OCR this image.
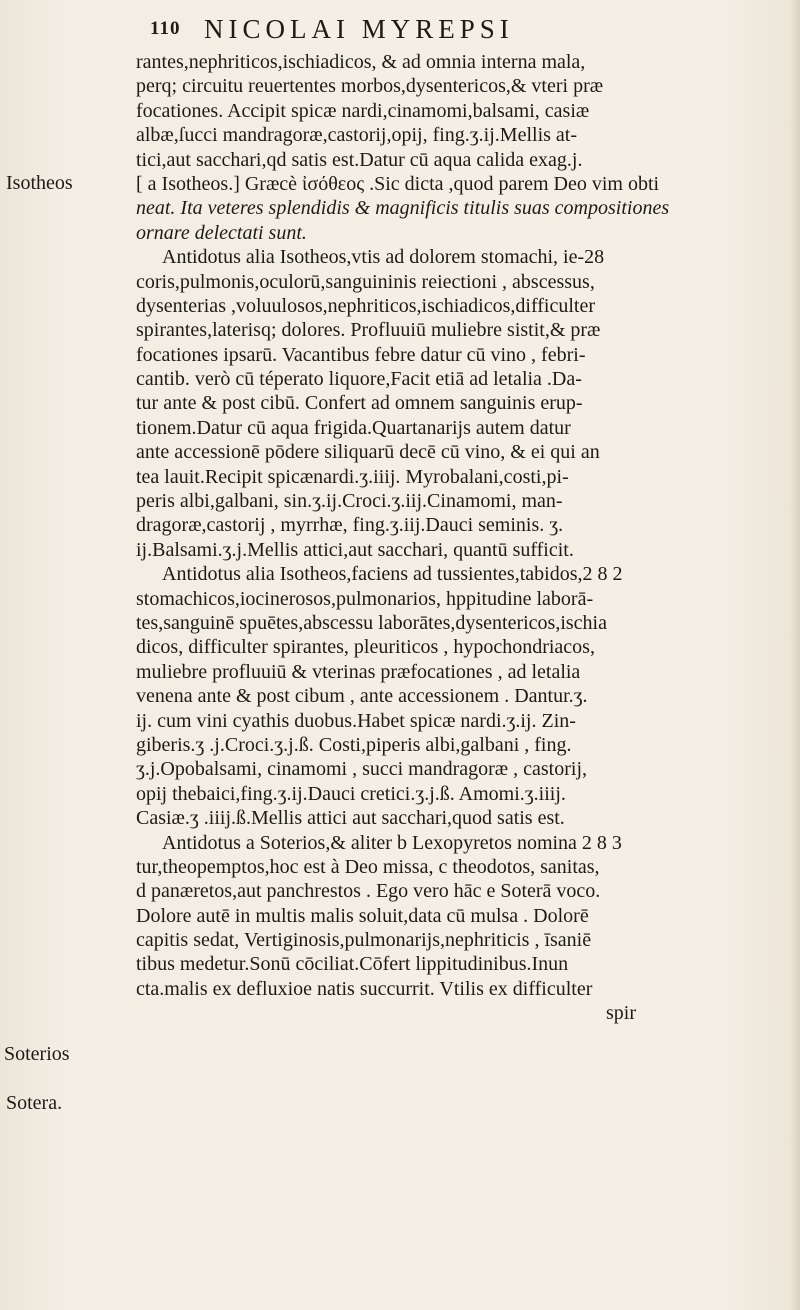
110 NICOLAI MYREPSI
Isotheos
Soterios
Sotera.
rantes,nephriticos,ischiadicos, & ad omnia interna mala,
perq; circuitu reuertentes morbos,dysentericos,& vteri præ
focationes. Accipit spicæ nardi,cinamomi,balsami, casiæ
albæ,ſucci mandragoræ,castorij,opij, fing.ʒ.ij.Mellis at-
tici,aut sacchari,qd satis est.Datur cū aqua calida exag.j.
[ a Isotheos.] Græcè ἰσόθεος .Sic dicta ,quod parem Deo vim obti
neat. Ita veteres splendidis & magnificis titulis suas compositiones
ornare delectati sunt.
Antidotus alia Isotheos,vtis ad dolorem stomachi, ie-28
coris,pulmonis,oculorū,sanguininis reiectioni , abscessus,
dysenterias ,voluulosos,nephriticos,ischiadicos,difficulter
spirantes,laterisq; dolores. Profluuiū muliebre sistit,& præ
focationes ipsarū. Vacantibus febre datur cū vino , febri-
cantib. verò cū téperato liquore,Facit etiā ad letalia .Da-
tur ante & post cibū. Confert ad omnem sanguinis erup-
tionem.Datur cū aqua frigida.Quartanarijs autem datur
ante accessionē pōdere siliquarū decē cū vino, & ei qui an
tea lauit.Recipit spicænardi.ʒ.iiij. Myrobalani,costi,pi-
peris albi,galbani, sin.ʒ.ij.Croci.ʒ.iij.Cinamomi, man-
dragoræ,castorij , myrrhæ, fing.ʒ.iij.Dauci seminis. ʒ.
ij.Balsami.ʒ.j.Mellis attici,aut sacchari, quantū sufficit.
Antidotus alia Isotheos,faciens ad tussientes,tabidos,2 8 2
stomachicos,iocinerosos,pulmonarios, hppitudine laborā-
tes,sanguinē spuētes,abscessu laborātes,dysentericos,ischia
dicos, difficulter spirantes, pleuriticos , hypochondriacos,
muliebre profluuiū & vterinas præfocationes , ad letalia
venena ante & post cibum , ante accessionem . Dantur.ʒ.
ij. cum vini cyathis duobus.Habet spicæ nardi.ʒ.ij. Zin-
giberis.ʒ .j.Croci.ʒ.j.ß. Costi,piperis albi,galbani , fing.
ʒ.j.Opobalsami, cinamomi , succi mandragoræ , castorij,
opij thebaici,fing.ʒ.ij.Dauci cretici.ʒ.j.ß. Amomi.ʒ.iiij.
Casiæ.ʒ .iiij.ß.Mellis attici aut sacchari,quod satis est.
Antidotus a Soterios,& aliter b Lexopyretos nomina 2 8 3
tur,theopemptos,hoc est à Deo missa, c theodotos, sanitas,
d panæretos,aut panchrestos . Ego vero hāc e Soterā voco.
Dolore autē in multis malis soluit,data cū mulsa . Dolorē
capitis sedat, Vertiginosis,pulmonarijs,nephriticis , īsaniē
tibus medetur.Sonū cōciliat.Cōfert lippitudinibus.Inun
cta.malis ex defluxioe natis succurrit. Vtilis ex difficulter
spir
